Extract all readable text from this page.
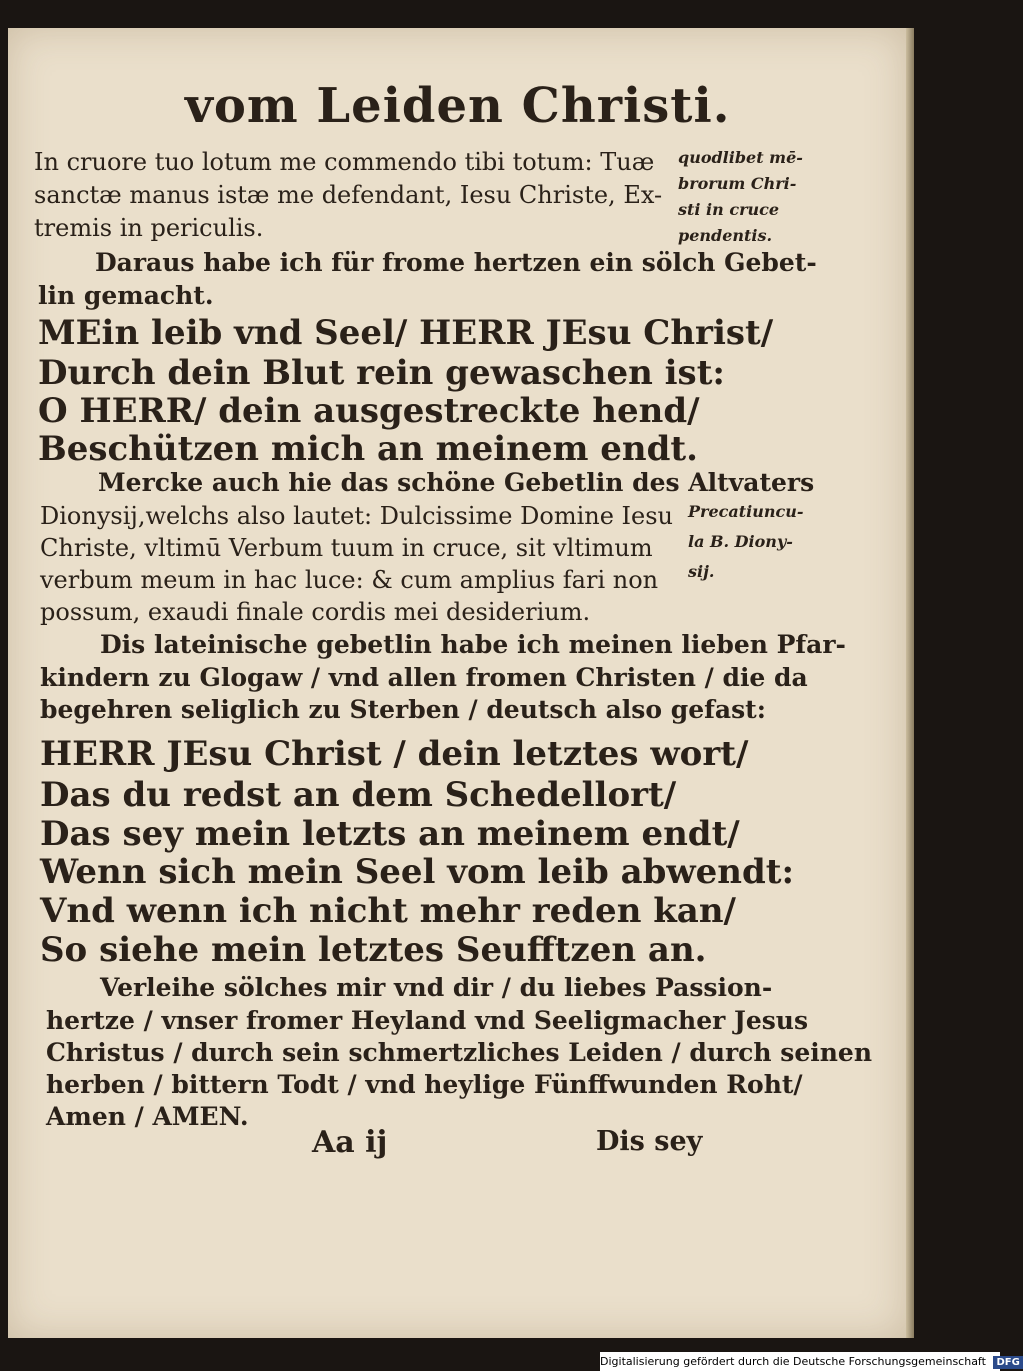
vom Leiden Christi.
In cruore tuo lotum me commendo tibi totum: Tuæ
sanctæ manus istæ me defendant, Iesu Christe, Ex-
tremis in periculis.
Daraus habe ich für frome hertzen ein sölch Gebet-
lin gemacht.
MEin leib vnd Seel/ HERR JEsu Christ/
Durch dein Blut rein gewaschen ist:
O HERR/ dein ausgestreckte hend/
Beschützen mich an meinem endt.
Mercke auch hie das schöne Gebetlin des Altvaters
Dionysij,welchs also lautet: Dulcissime Domine Iesu
Christe, vltimū Verbum tuum in cruce, sit vltimum
verbum meum in hac luce: & cum amplius fari non
possum, exaudi finale cordis mei desiderium.
Dis lateinische gebetlin habe ich meinen lieben Pfar-
kindern zu Glogaw / vnd allen fromen Christen / die da
begehren seliglich zu Sterben / deutsch also gefast:
HERR JEsu Christ / dein letztes wort/
Das du redst an dem Schedellort/
Das sey mein letzts an meinem endt/
Wenn sich mein Seel vom leib abwendt:
Vnd wenn ich nicht mehr reden kan/
So siehe mein letztes Seufftzen an.
Verleihe sölches mir vnd dir / du liebes Passion-
hertze / vnser fromer Heyland vnd Seeligmacher Jesus
Christus / durch sein schmertzliches Leiden / durch seinen
herben / bittern Todt / vnd heylige Fünffwunden Roht/
Amen / AMEN.
quodlibet mē-
brorum Chri-
sti in cruce
pendentis.
Precatiuncu-
la B. Diony-
sij.
Aa ij	Dis sey
Digitalisierung gefördert durch die Deutsche Forschungsgemeinschaft DFG
